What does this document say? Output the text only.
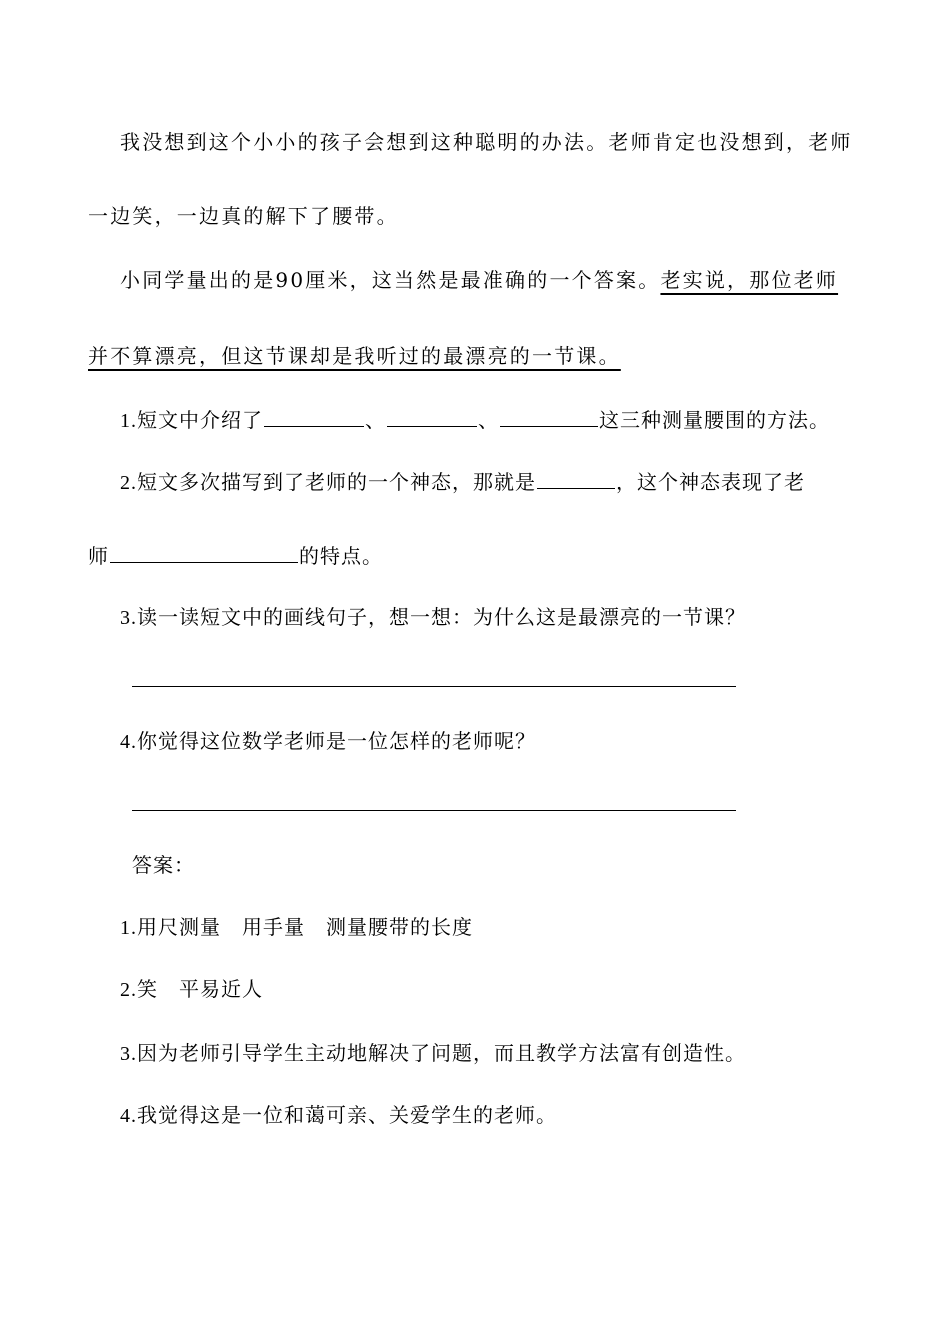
我没想到这个小小的孩子会想到这种聪明的办法。老师肯定也没想到，老师
一边笑，一边真的解下了腰带。
小同学量出的是90厘米，这当然是最准确的一个答案。老实说，那位老师
并不算漂亮，但这节课却是我听过的最漂亮的一节课。
1.短文中介绍了	、	、	这三种测量腰围的方法。
2.短文多次描写到了老师的一个神态，那就是	，这个神态表现了老
师	的特点。
3.读一读短文中的画线句子，想一想：为什么这是最漂亮的一节课？
4.你觉得这位数学老师是一位怎样的老师呢？
答案：
1.用尺测量　用手量　测量腰带的长度
2.笑　平易近人
3.因为老师引导学生主动地解决了问题，而且教学方法富有创造性。
4.我觉得这是一位和蔼可亲、关爱学生的老师。
